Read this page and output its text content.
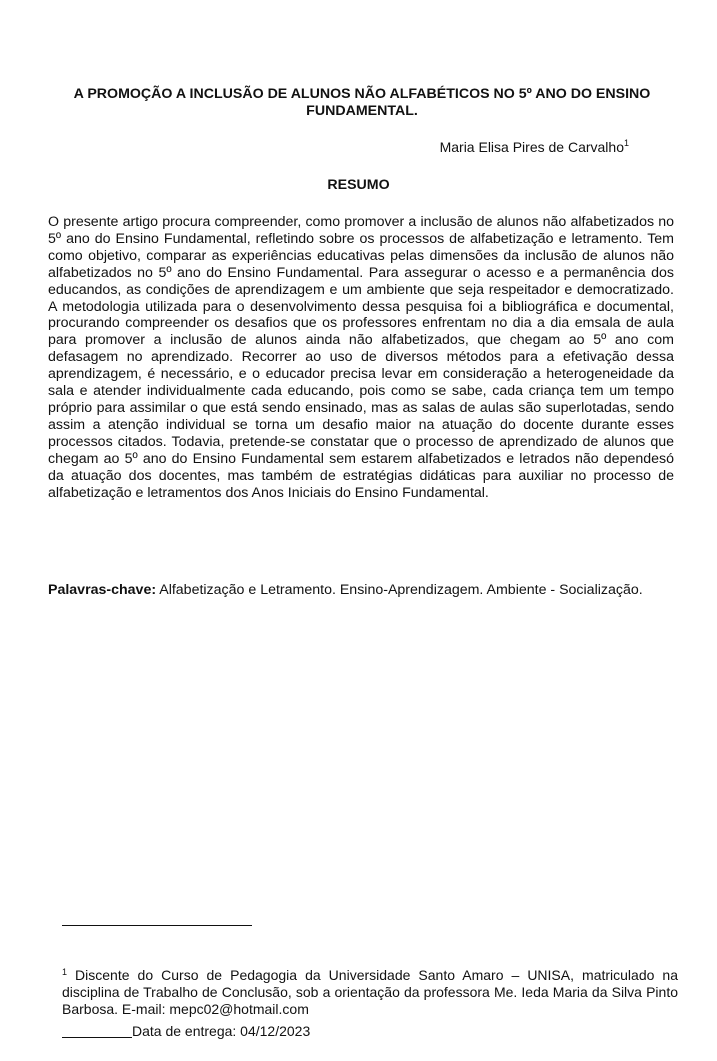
A PROMOÇÃO A INCLUSÃO DE ALUNOS NÃO ALFABÉTICOS NO 5º ANO DO ENSINO FUNDAMENTAL.
Maria Elisa Pires de Carvalho$^1$
RESUMO

O presente artigo procura compreender, como promover a inclusão de alunos não alfabetizados no 5º ano do Ensino Fundamental, refletindo sobre os processos de alfabetização e letramento. Tem como objetivo, comparar as experiências educativas pelas dimensões da inclusão de alunos não alfabetizados no 5º ano do Ensino Fundamental. Para assegurar o acesso e a permanência dos educandos, as condições de aprendizagem e um ambiente que seja respeitador e democratizado. A metodologia utilizada para o desenvolvimento dessa pesquisa foi a bibliográfica e documental, procurando compreender os desafios que os professores enfrentam no dia a dia emsala de aula para promover a inclusão de alunos ainda não alfabetizados, que chegam ao 5º ano com defasagem no aprendizado. Recorrer ao uso de diversos métodos para a efetivação dessa aprendizagem, é necessário, e o educador precisa levar em consideração a heterogeneidade da sala e atender individualmente cada educando, pois como se sabe, cada criança tem um tempo próprio para assimilar o que está sendo ensinado, mas as salas de aulas são superlotadas, sendo assim a atenção individual se torna um desafio maior na atuação do docente durante esses processos citados. Todavia, pretende-se constatar que o processo de aprendizado de alunos que chegam ao 5º ano do Ensino Fundamental sem estarem alfabetizados e letrados não dependesó da atuação dos docentes, mas também de estratégias didáticas para auxiliar no processo de alfabetização e letramentos dos Anos Iniciais do Ensino Fundamental.

Palavras-chave: Alfabetização e Letramento. Ensino-Aprendizagem. Ambiente - Socialização.

$^1$ Discente do Curso de Pedagogia da Universidade Santo Amaro – UNISA, matriculado na disciplina de Trabalho de Conclusão, sob a orientação da professora Me. Ieda Maria da Silva Pinto Barbosa. E-mail: mepc02@hotmail.com

Data de entrega: 04/12/2023
